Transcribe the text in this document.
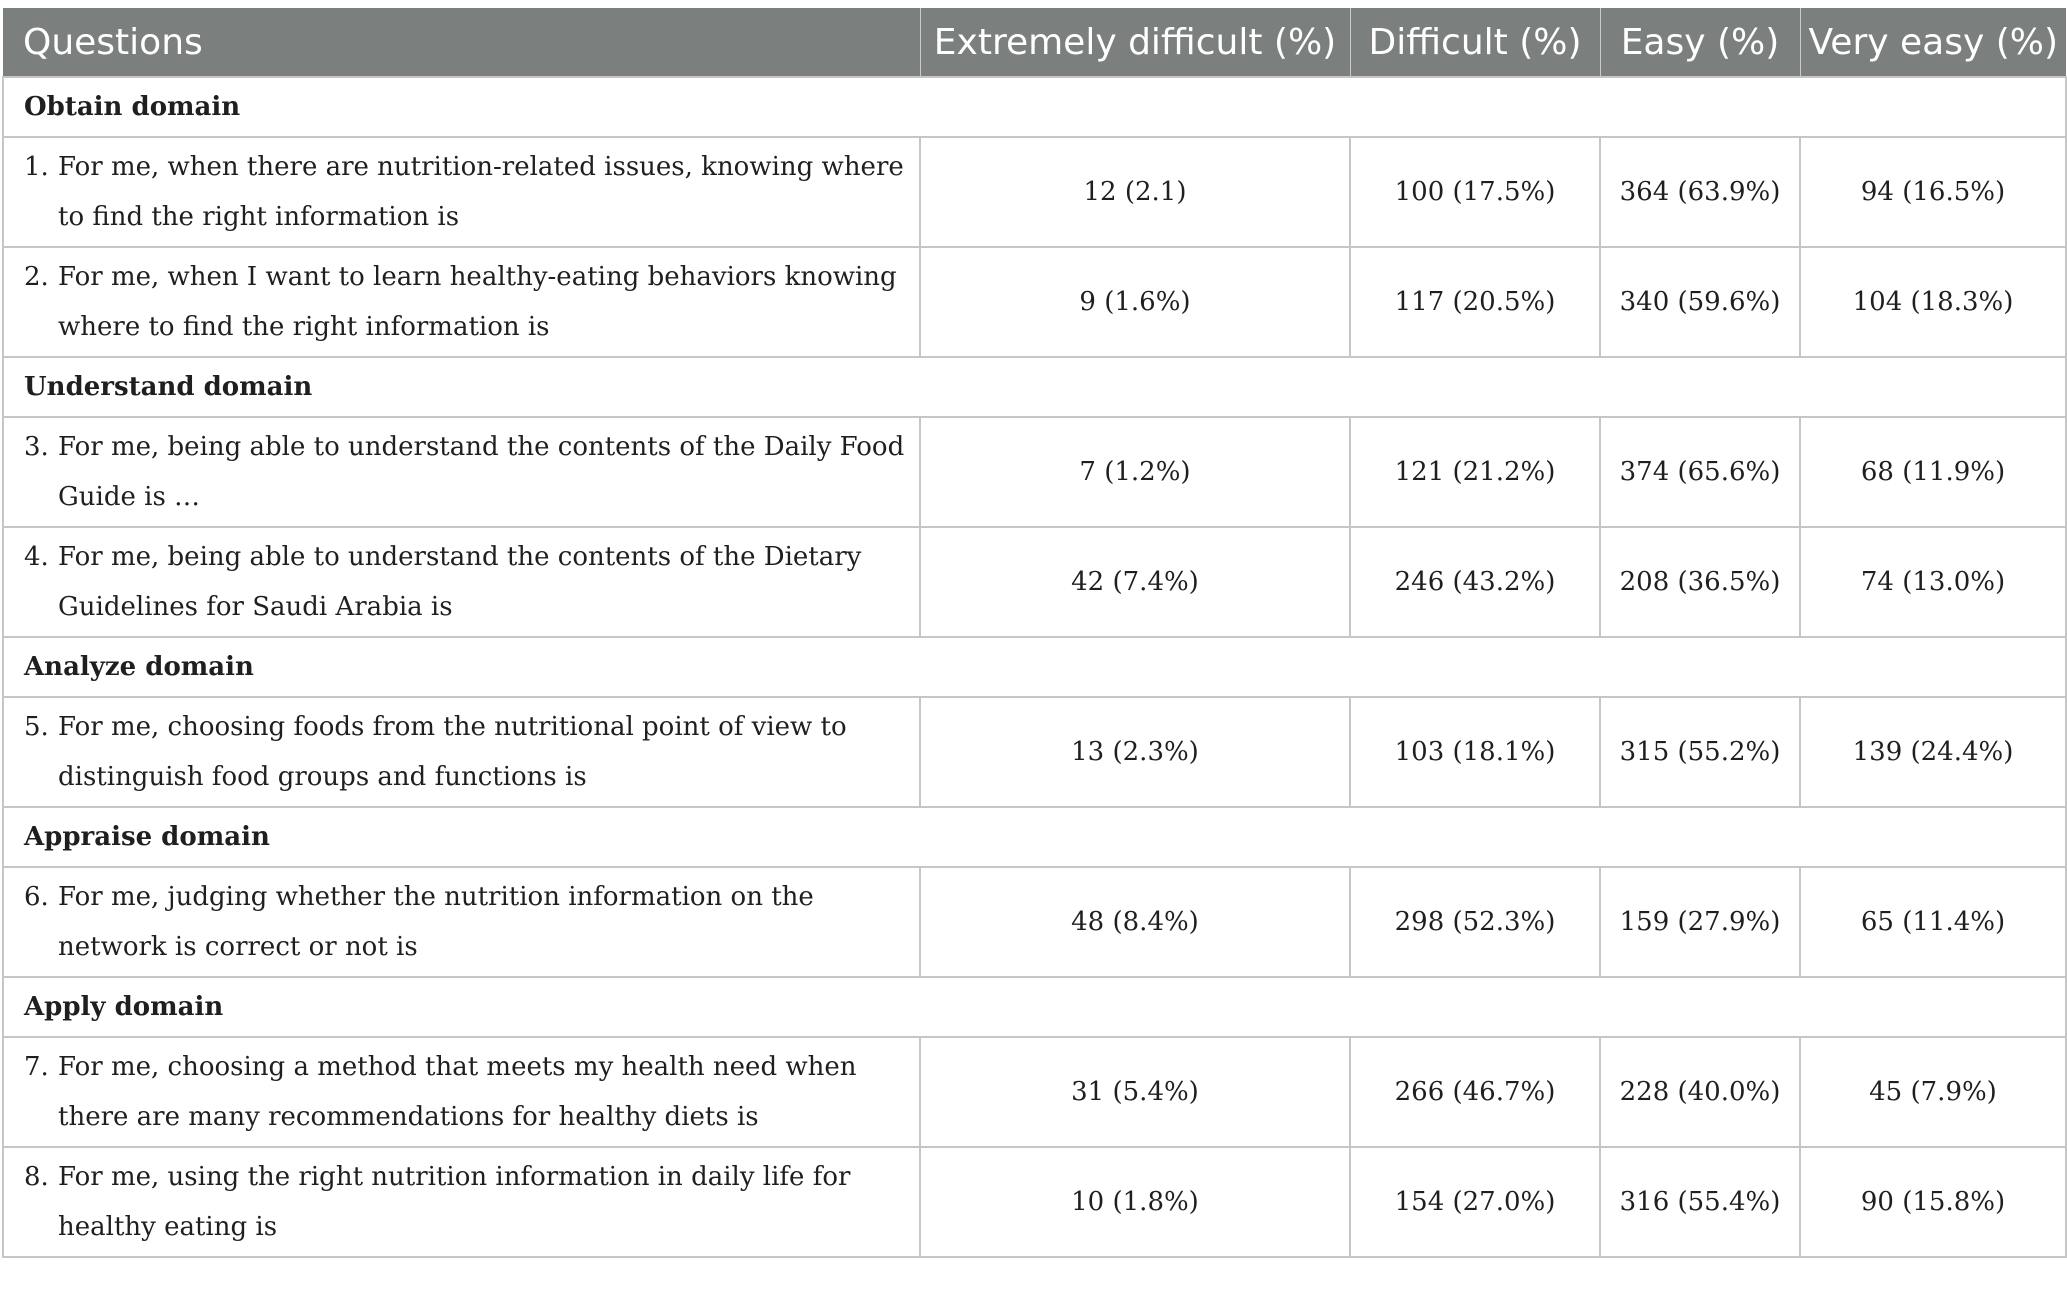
Questions	Extremely difficult (%)	Difficult (%)	Easy (%)	Very easy (%)
Obtain domain				

1. For me, when there are nutrition-related issues, knowing where to find the right information is	12 (2.1)	100 (17.5%)	364 (63.9%)	94 (16.5%)

2. For me, when I want to learn healthy-eating behaviors knowing where to find the right information is	9 (1.6%)	117 (20.5%)	340 (59.6%)	104 (18.3%)
Understand domain				

3. For me, being able to understand the contents of the Daily Food Guide is …	7 (1.2%)	121 (21.2%)	374 (65.6%)	68 (11.9%)

4. For me, being able to understand the contents of the Dietary Guidelines for Saudi Arabia is	42 (7.4%)	246 (43.2%)	208 (36.5%)	74 (13.0%)
Analyze domain				

5. For me, choosing foods from the nutritional point of view to distinguish food groups and functions is	13 (2.3%)	103 (18.1%)	315 (55.2%)	139 (24.4%)
Appraise domain				

6. For me, judging whether the nutrition information on the network is correct or not is	48 (8.4%)	298 (52.3%)	159 (27.9%)	65 (11.4%)
Apply domain				

7. For me, choosing a method that meets my health need when there are many recommendations for healthy diets is	31 (5.4%)	266 (46.7%)	228 (40.0%)	45 (7.9%)

8. For me, using the right nutrition information in daily life for healthy eating is	10 (1.8%)	154 (27.0%)	316 (55.4%)	90 (15.8%)
